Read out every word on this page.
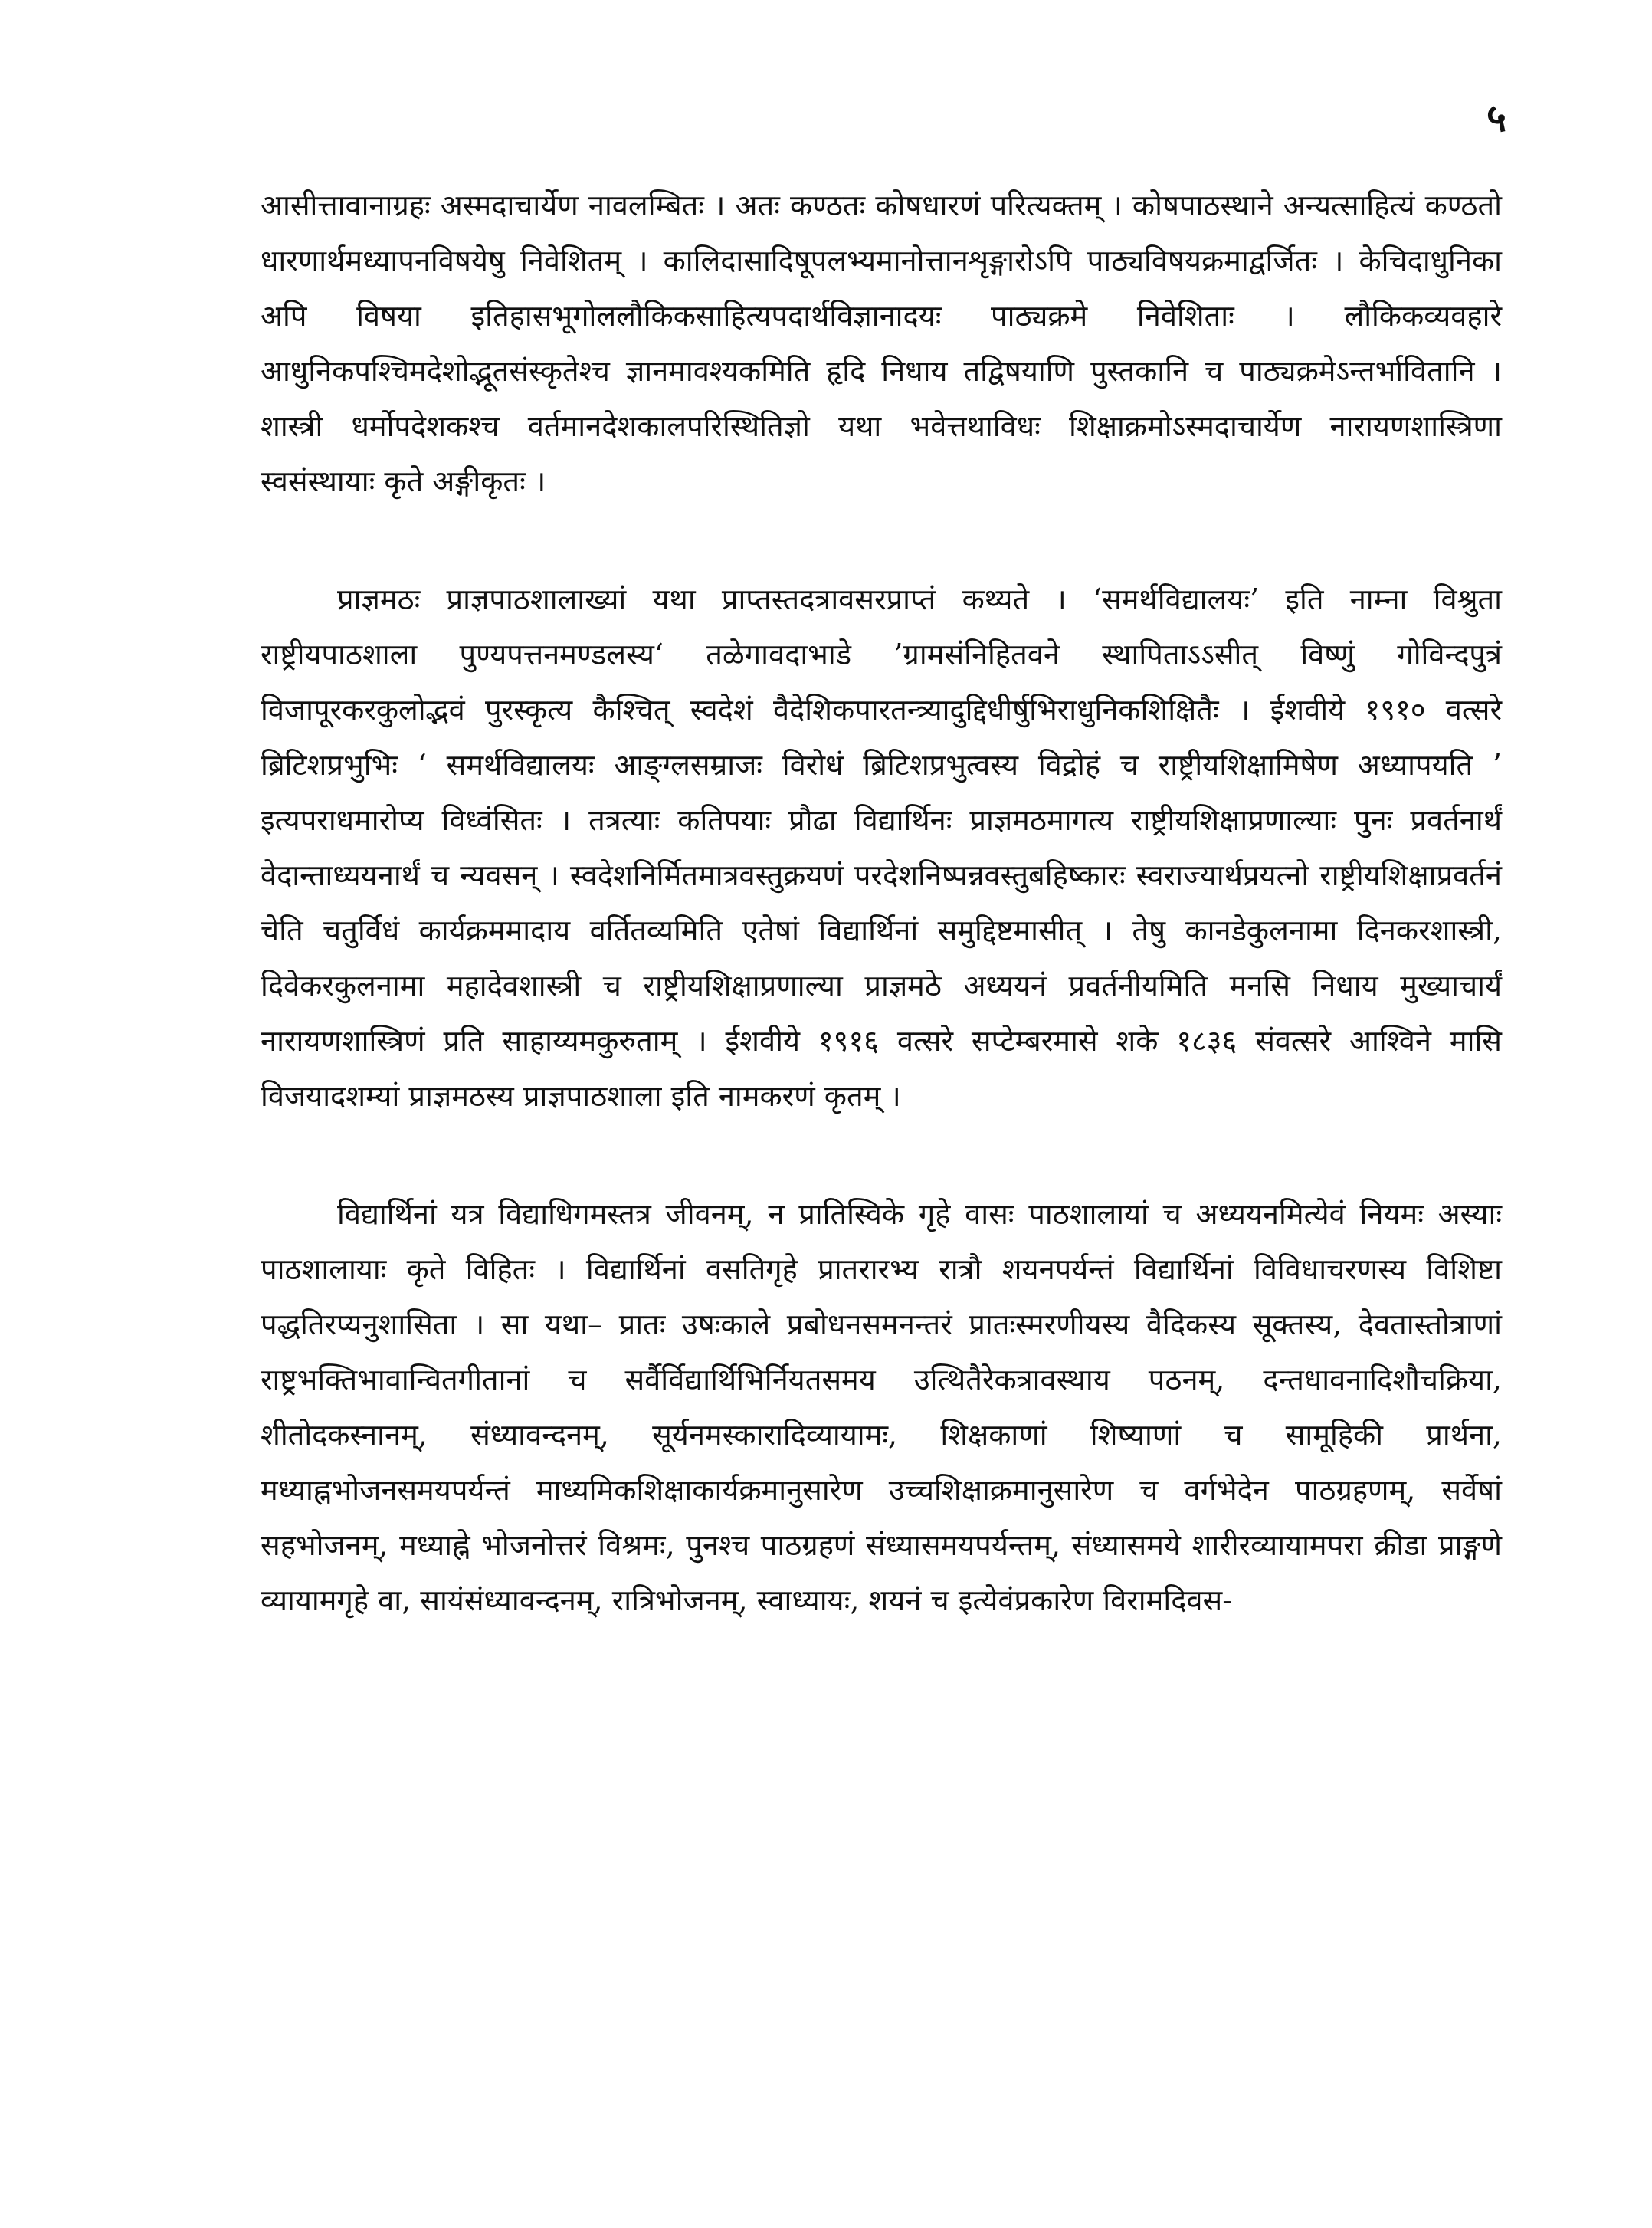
५

आसीत्तावानाग्रहः अस्मदाचार्येण नावलम्बितः । अतः कण्ठतः कोषधारणं परित्यक्तम् । कोषपाठस्थाने अन्यत्साहित्यं कण्ठतो धारणार्थमध्यापनविषयेषु निवेशितम् । कालिदासादिषूपलभ्यमानोत्तानशृङ्गारोऽपि पाठ्यविषयक्रमाद्वर्जितः । केचिदाधुनिका अपि विषया इतिहासभूगोललौकिकसाहित्यपदार्थविज्ञानादयः पाठ्यक्रमे निवेशिताः । लौकिकव्यवहारे आधुनिकपश्चिमदेशोद्भूतसंस्कृतेश्च ज्ञानमावश्यकमिति हृदि निधाय तद्विषयाणि पुस्तकानि च पाठ्यक्रमेऽन्तर्भावितानि । शास्त्री धर्मोपदेशकश्च वर्तमानदेशकालपरिस्थितिज्ञो यथा भवेत्तथाविधः शिक्षाक्रमोऽस्मदाचार्येण नारायणशास्त्रिणा स्वसंस्थायाः कृते अङ्गीकृतः ।

प्राज्ञमठः प्राज्ञपाठशालाख्यां यथा प्राप्तस्तदत्रावसरप्राप्तं कथ्यते । ‘समर्थविद्यालयः’ इति नाम्ना विश्रुता राष्ट्रीयपाठशाला पुण्यपत्तनमण्डलस्य‘ तळेगावदाभाडे ’ग्रामसंनिहितवने स्थापिताऽऽसीत् विष्णुं गोविन्दपुत्रं विजापूरकरकुलोद्भवं पुरस्कृत्य कैश्चित् स्वदेशं वैदेशिकपारतन्त्र्यादुद्दिधीर्षुभिराधुनिकशिक्षितैः । ईशवीये १९१० वत्सरे ब्रिटिशप्रभुभिः ‘ समर्थविद्यालयः आङ्ग्लसम्राजः विरोधं ब्रिटिशप्रभुत्वस्य विद्रोहं च राष्ट्रीयशिक्षामिषेण अध्यापयति ’ इत्यपराधमारोप्य विध्वंसितः । तत्रत्याः कतिपयाः प्रौढा विद्यार्थिनः प्राज्ञमठमागत्य राष्ट्रीयशिक्षाप्रणाल्याः पुनः प्रवर्तनार्थं वेदान्ताध्ययनार्थं च न्यवसन् । स्वदेशनिर्मितमात्रवस्तुक्रयणं परदेशनिष्पन्नवस्तुबहिष्कारः स्वराज्यार्थप्रयत्नो राष्ट्रीयशिक्षाप्रवर्तनं चेति चतुर्विधं कार्यक्रममादाय वर्तितव्यमिति एतेषां विद्यार्थिनां समुद्दिष्टमासीत् । तेषु कानडेकुलनामा दिनकरशास्त्री, दिवेकरकुलनामा महादेवशास्त्री च राष्ट्रीयशिक्षाप्रणाल्या प्राज्ञमठे अध्ययनं प्रवर्तनीयमिति मनसि निधाय मुख्याचार्यं नारायणशास्त्रिणं प्रति साहाय्यमकुरुताम् । ईशवीये १९१६ वत्सरे सप्टेम्बरमासे शके १८३६ संवत्सरे आश्विने मासि विजयादशम्यां प्राज्ञमठस्य प्राज्ञपाठशाला इति नामकरणं कृतम् ।

विद्यार्थिनां यत्र विद्याधिगमस्तत्र जीवनम्, न प्रातिस्विके गृहे वासः पाठशालायां च अध्ययनमित्येवं नियमः अस्याः पाठशालायाः कृते विहितः । विद्यार्थिनां वसतिगृहे प्रातरारभ्य रात्रौ शयनपर्यन्तं विद्यार्थिनां विविधाचरणस्य विशिष्टा पद्धतिरप्यनुशासिता । सा यथा– प्रातः उषःकाले प्रबोधनसमनन्तरं प्रातःस्मरणीयस्य वैदिकस्य सूक्तस्य, देवतास्तोत्राणां राष्ट्रभक्तिभावान्वितगीतानां च सर्वैर्विद्यार्थिभिर्नियतसमय उत्थितैरेकत्रावस्थाय पठनम्, दन्तधावनादिशौचक्रिया, शीतोदकस्नानम्, संध्यावन्दनम्, सूर्यनमस्कारादिव्यायामः, शिक्षकाणां शिष्याणां च सामूहिकी प्रार्थना, मध्याह्नभोजनसमयपर्यन्तं माध्यमिकशिक्षाकार्यक्रमानुसारेण उच्चशिक्षाक्रमानुसारेण च वर्गभेदेन पाठग्रहणम्, सर्वेषां सहभोजनम्, मध्याह्ने भोजनोत्तरं विश्रमः, पुनश्च पाठग्रहणं संध्यासमयपर्यन्तम्, संध्यासमये शारीरव्यायामपरा क्रीडा प्राङ्गणे व्यायामगृहे वा, सायंसंध्यावन्दनम्, रात्रिभोजनम्, स्वाध्यायः, शयनं च इत्येवंप्रकारेण विरामदिवस-
